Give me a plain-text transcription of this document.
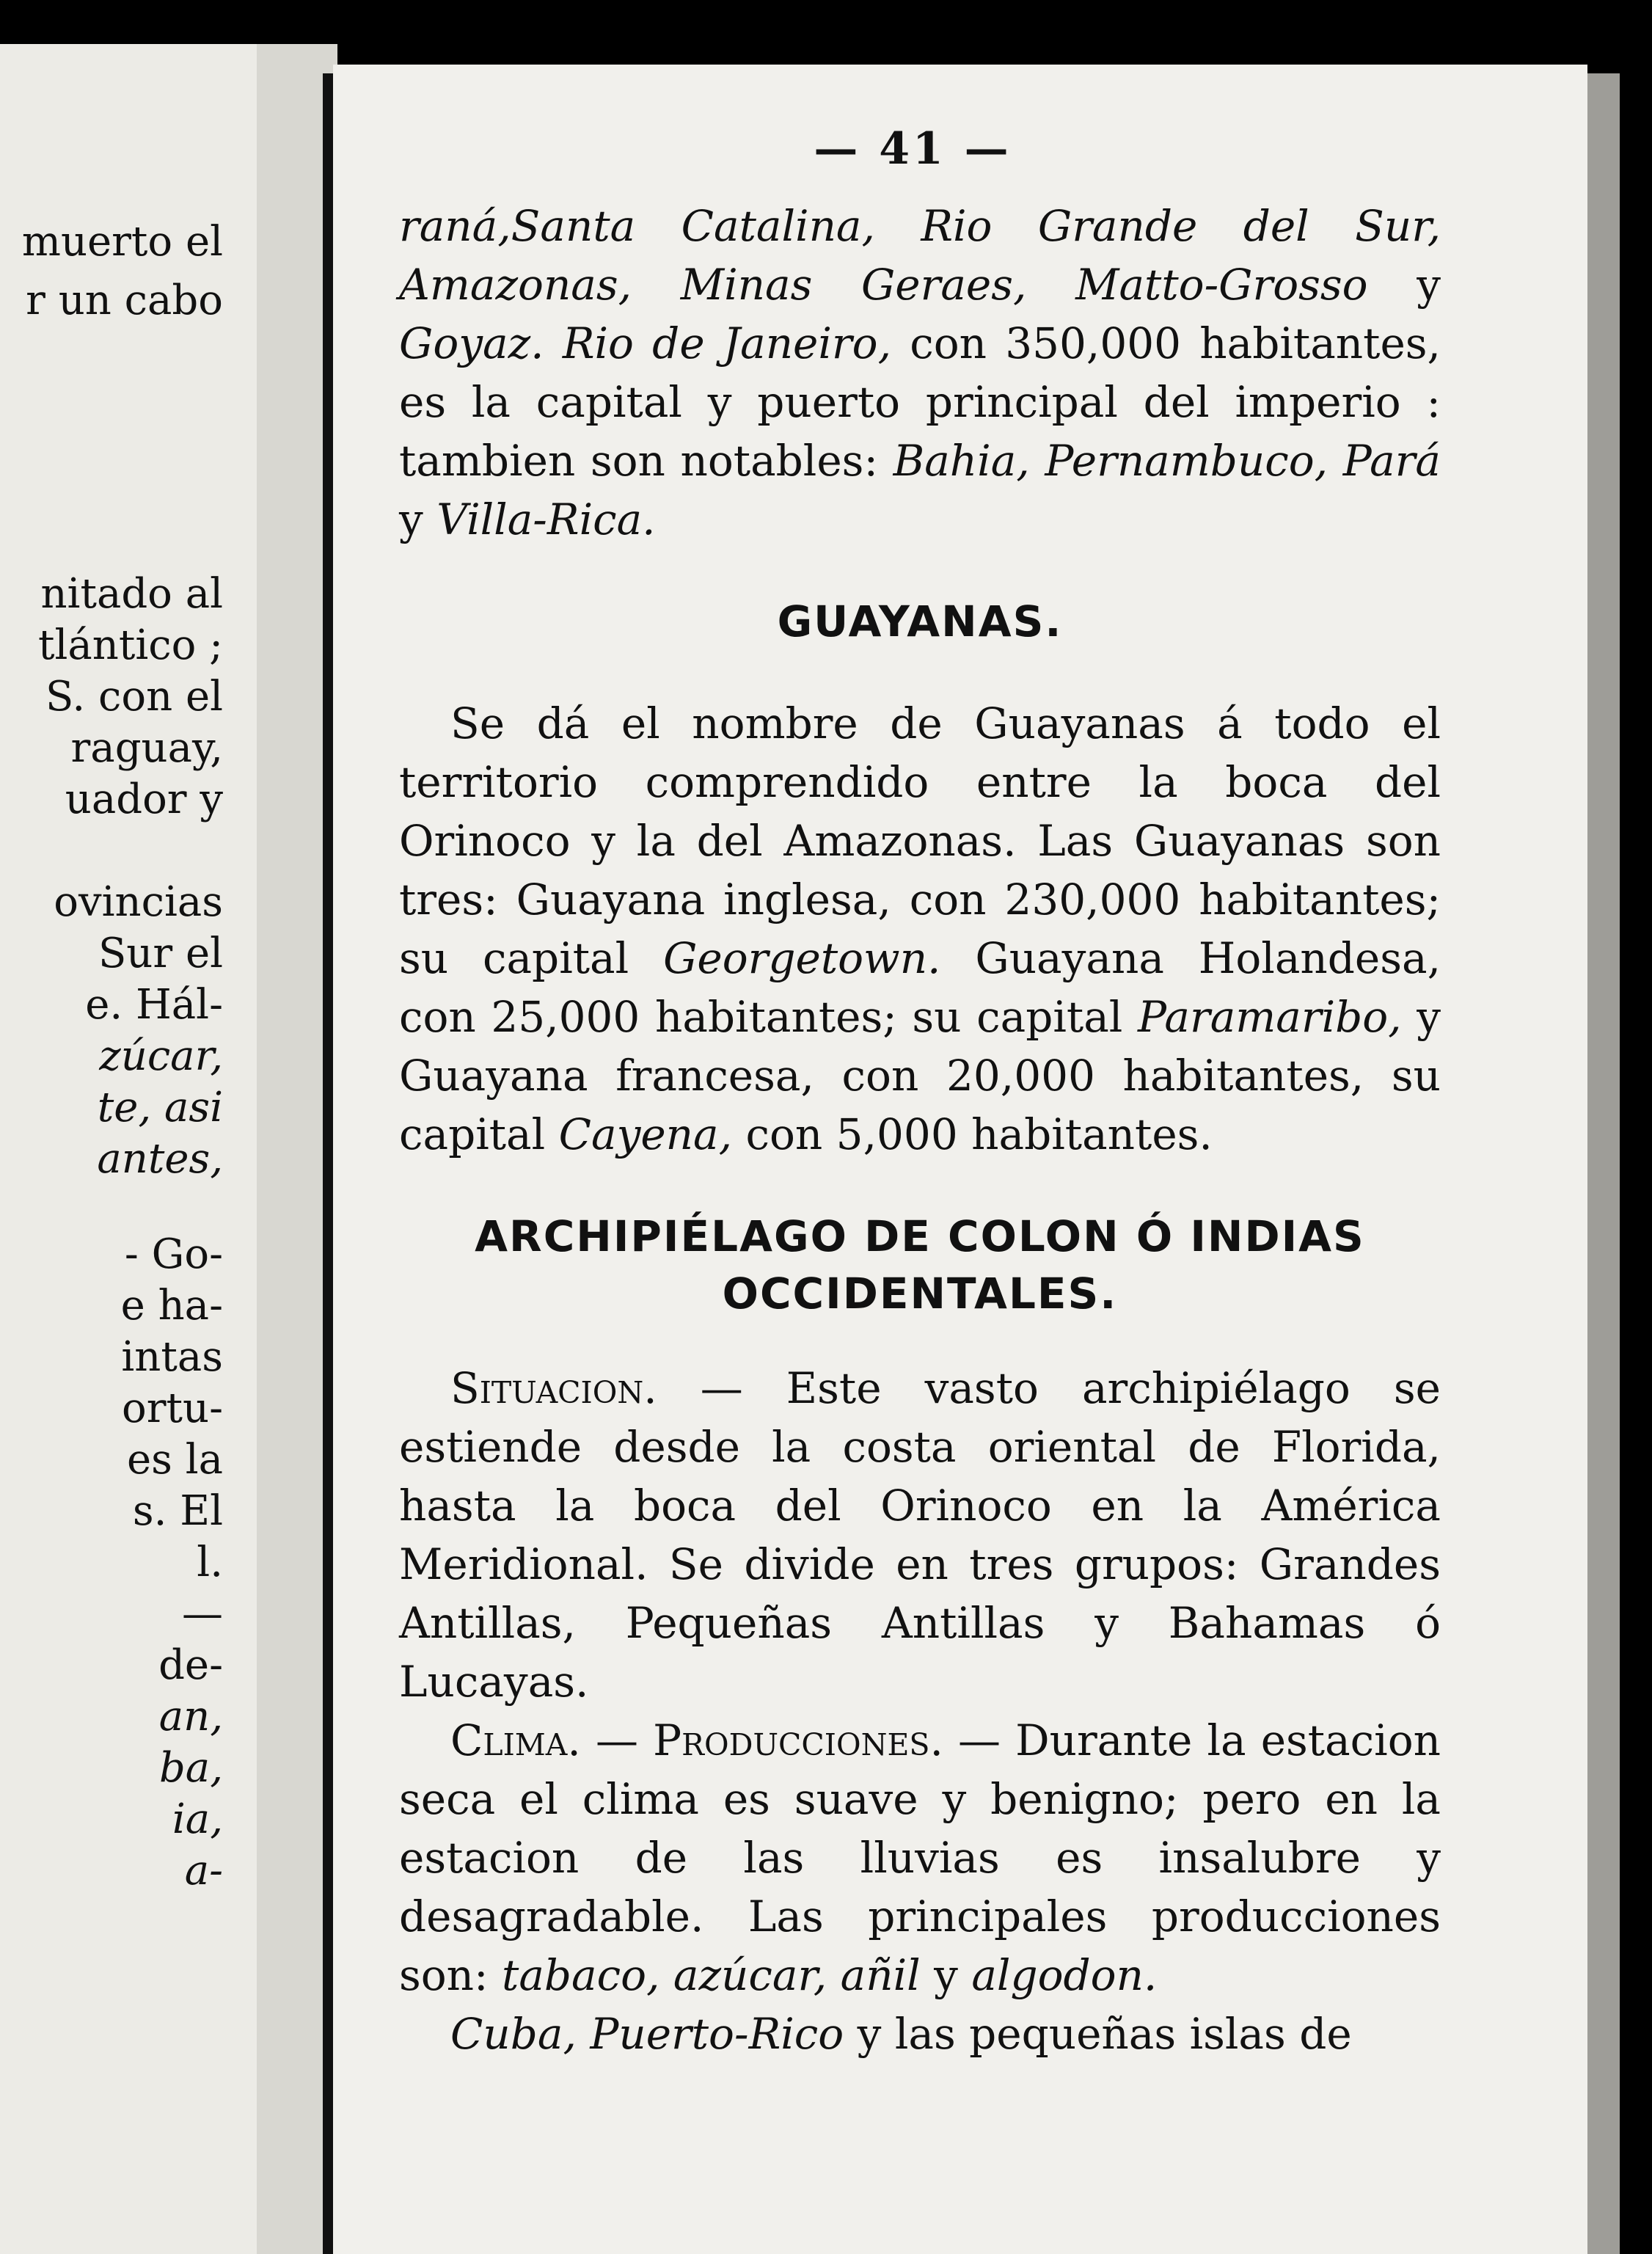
muerto el
r un cabo
nitado al
tlántico ;
S. con el
raguay,
uador y
ovincias
Sur el
e. Hál-
zúcar,
te, asi
antes,
- Go-
e ha-
intas
ortu-
es la
s. El
l.
—
de-
an,
ba,
ia,
a-
— 41 —

raná,Santa Catalina, Rio Grande del Sur, Amazonas, Minas Geraes, Matto-Grosso y Goyaz. Rio de Janeiro, con 350,000 habitantes, es la capital y puerto principal del imperio : tambien son notables: Bahia, Pernambuco, Pará y Villa-Rica.

GUAYANAS.

Se dá el nombre de Guayanas á todo el territorio comprendido entre la boca del Orinoco y la del Amazonas. Las Guayanas son tres: Guayana inglesa, con 230,000 habitantes; su capital Georgetown. Guayana Holandesa, con 25,000 habitantes; su capital Paramaribo, y Guayana francesa, con 20,000 habitantes, su capital Cayena, con 5,000 habitantes.

ARCHIPIÉLAGO DE COLON Ó INDIAS
OCCIDENTALES.

Situacion. — Este vasto archipiélago se estiende desde la costa oriental de Florida, hasta la boca del Orinoco en la América Meridional. Se divide en tres grupos: Grandes Antillas, Pequeñas Antillas y Bahamas ó Lucayas.

Clima. — Producciones. — Durante la estacion seca el clima es suave y benigno; pero en la estacion de las lluvias es insalubre y desagradable. Las principales producciones son: tabaco, azúcar, añil y algodon.

Cuba, Puerto-Rico y las pequeñas islas de
